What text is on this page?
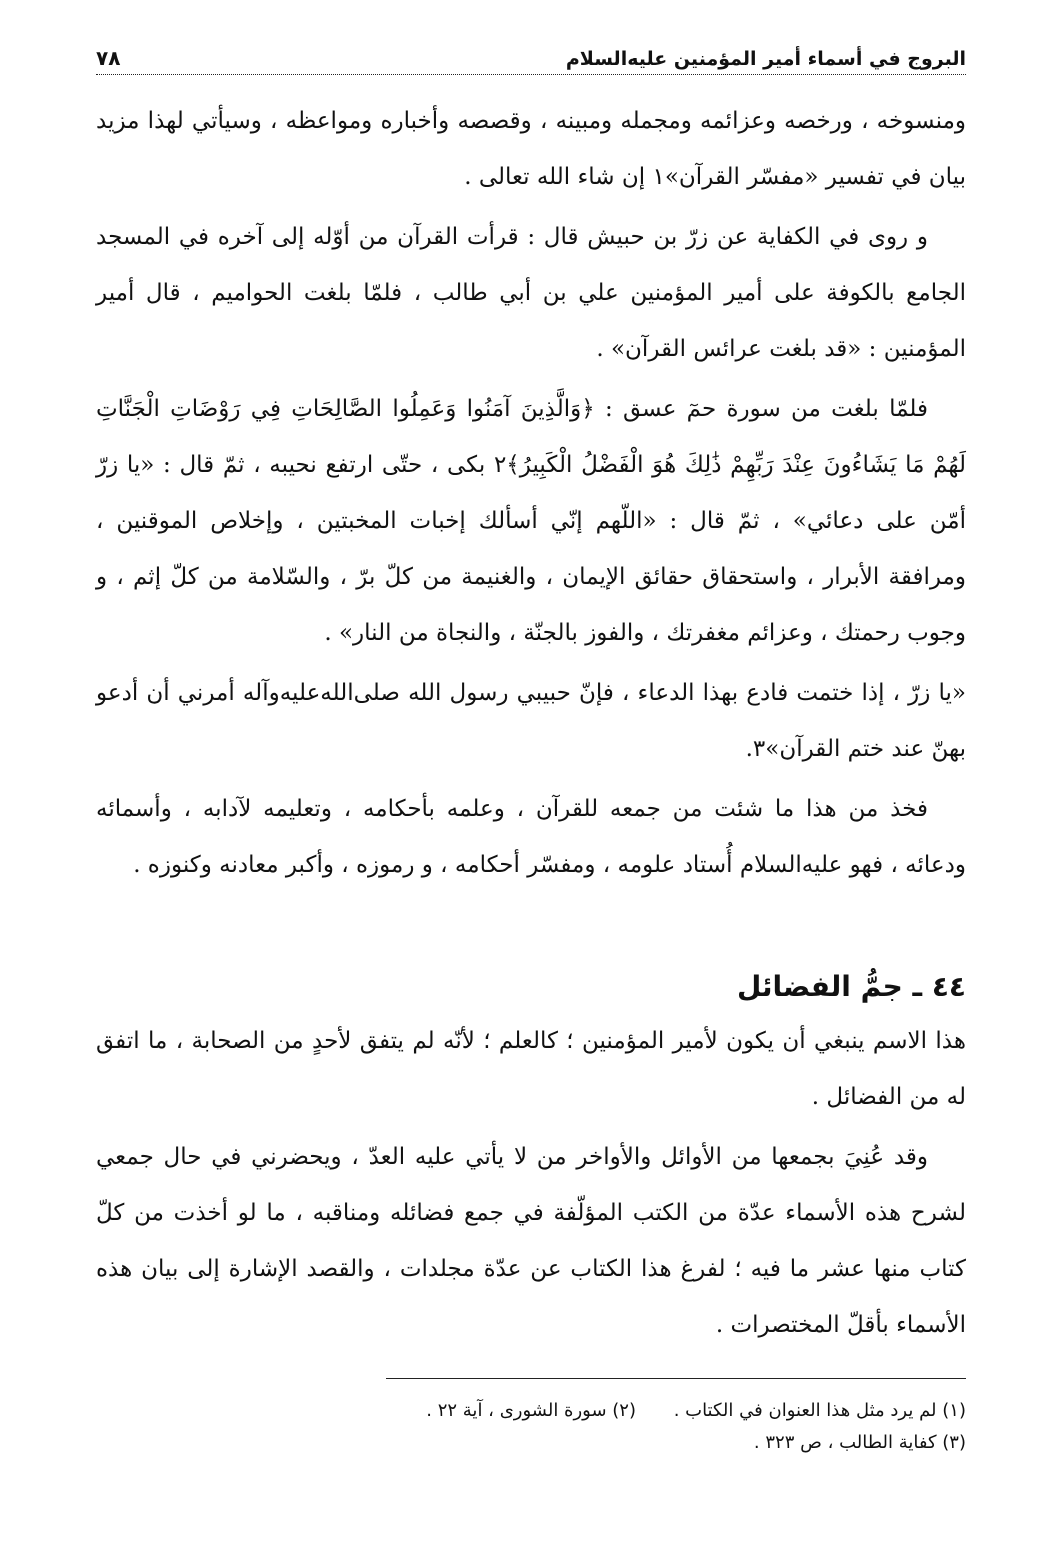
البروج في أسماء أمير المؤمنين عليه‌السلام
٧٨

ومنسوخه ، ورخصه وعزائمه ومجمله ومبينه ، وقصصه وأخباره ومواعظه ، وسيأتي لهذا مزيد بيان في تفسير «مفسّر القرآن»١ إن شاء الله تعالى .

و روى في الكفاية عن زرّ بن حبيش قال : قرأت القرآن من أوّله إلى آخره في المسجد الجامع بالكوفة على أمير المؤمنين علي بن أبي طالب ، فلمّا بلغت الحواميم ، قال أمير المؤمنين : «قد بلغت عرائس القرآن» .

فلمّا بلغت من سورة حمٓ عسق : ﴿وَالَّذِينَ آمَنُوا وَعَمِلُوا الصَّالِحَاتِ فِي رَوْضَاتِ الْجَنَّاتِ لَهُمْ مَا يَشَاءُونَ عِنْدَ رَبِّهِمْ ذَٰلِكَ هُوَ الْفَضْلُ الْكَبِيرُ﴾٢ بكى ، حتّى ارتفع نحيبه ، ثمّ قال : «يا زرّ أمّن على دعائي» ، ثمّ قال : «اللّهم إنّي أسألك إخبات المخبتين ، وإخلاص الموقنين ، ومرافقة الأبرار ، واستحقاق حقائق الإيمان ، والغنيمة من كلّ برّ ، والسّلامة من كلّ إثم ، و وجوب رحمتك ، وعزائم مغفرتك ، والفوز بالجنّة ، والنجاة من النار» .

«يا زرّ ، إذا ختمت فادع بهذا الدعاء ، فإنّ حبيبي رسول الله صلى‌الله‌عليه‌وآله أمرني أن أدعو بهنّ عند ختم القرآن»٣.

فخذ من هذا ما شئت من جمعه للقرآن ، وعلمه بأحكامه ، وتعليمه لآدابه ، وأسمائه ودعائه ، فهو عليه‌السلام أُستاد علومه ، ومفسّر أحكامه ، و رموزه ، وأكبر معادنه وكنوزه .

٤٤ ـ جمُّ الفضائل

هذا الاسم ينبغي أن يكون لأمير المؤمنين ؛ كالعلم ؛ لأنّه لم يتفق لأحدٍ من الصحابة ، ما اتفق له من الفضائل .

وقد عُنِيَ بجمعها من الأوائل والأواخر من لا يأتي عليه العدّ ، ويحضرني في حال جمعي لشرح هذه الأسماء عدّة من الكتب المؤلّفة في جمع فضائله ومناقبه ، ما لو أخذت من كلّ كتاب منها عشر ما فيه ؛ لفرغ هذا الكتاب عن عدّة مجلدات ، والقصد الإشارة إلى بيان هذه الأسماء بأقلّ المختصرات .

(١) لم يرد مثل هذا العنوان في الكتاب .
(٢) سورة الشورى ، آية ٢٢ .
(٣) كفاية الطالب ، ص ٣٢٣ .
